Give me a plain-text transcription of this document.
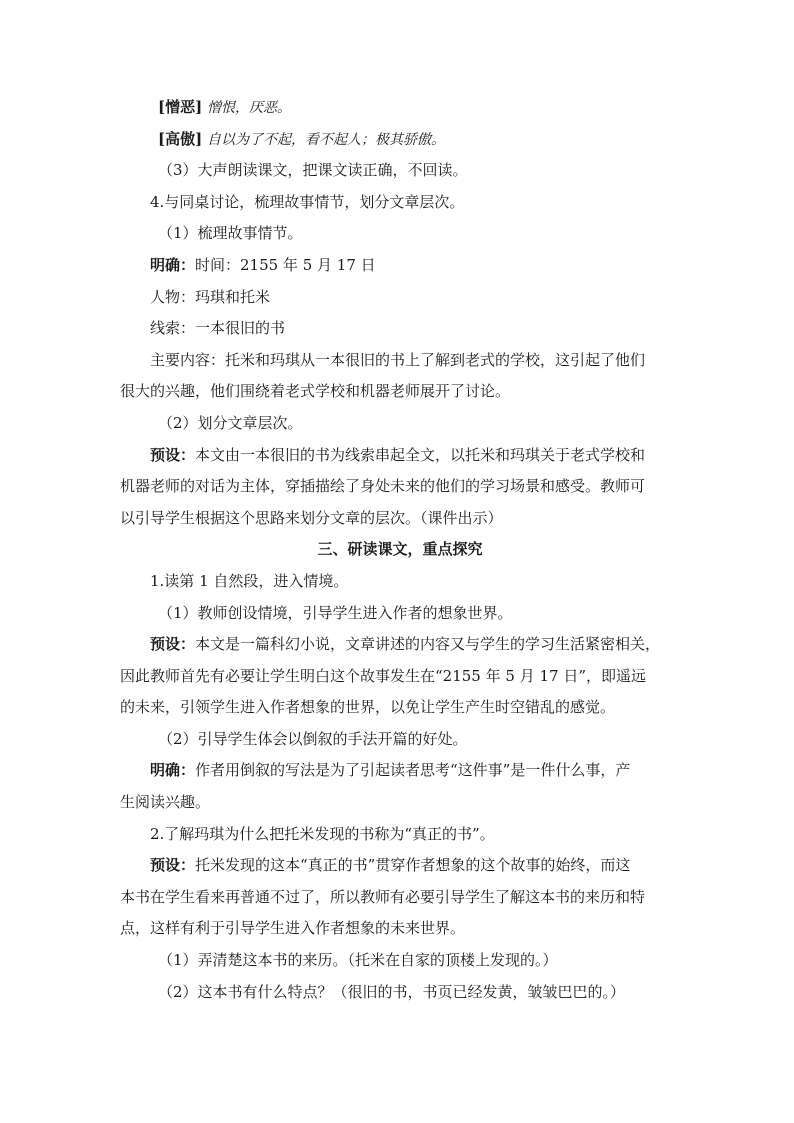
[憎恶] 憎恨，厌恶。
[高傲] 自以为了不起，看不起人；极其骄傲。
（3）大声朗读课文，把课文读正确，不回读。
4.与同桌讨论，梳理故事情节，划分文章层次。
（1）梳理故事情节。
明确：时间：2155 年 5 月 17 日
人物：玛琪和托米
线索：一本很旧的书
主要内容：托米和玛琪从一本很旧的书上了解到老式的学校，这引起了他们
很大的兴趣，他们围绕着老式学校和机器老师展开了讨论。
（2）划分文章层次。
预设：本文由一本很旧的书为线索串起全文，以托米和玛琪关于老式学校和
机器老师的对话为主体，穿插描绘了身处未来的他们的学习场景和感受。教师可
以引导学生根据这个思路来划分文章的层次。（课件出示）
三、研读课文，重点探究
1.读第 1 自然段，进入情境。
（1）教师创设情境，引导学生进入作者的想象世界。
预设：本文是一篇科幻小说，文章讲述的内容又与学生的学习生活紧密相关，
因此教师首先有必要让学生明白这个故事发生在“2155 年 5 月 17 日”，即遥远
的未来，引领学生进入作者想象的世界，以免让学生产生时空错乱的感觉。
（2）引导学生体会以倒叙的手法开篇的好处。
明确：作者用倒叙的写法是为了引起读者思考“这件事”是一件什么事，产
生阅读兴趣。
2.了解玛琪为什么把托米发现的书称为“真正的书”。
预设：托米发现的这本“真正的书”贯穿作者想象的这个故事的始终，而这
本书在学生看来再普通不过了，所以教师有必要引导学生了解这本书的来历和特
点，这样有利于引导学生进入作者想象的未来世界。
（1）弄清楚这本书的来历。（托米在自家的顶楼上发现的。）
（2）这本书有什么特点？（很旧的书，书页已经发黄，皱皱巴巴的。）
